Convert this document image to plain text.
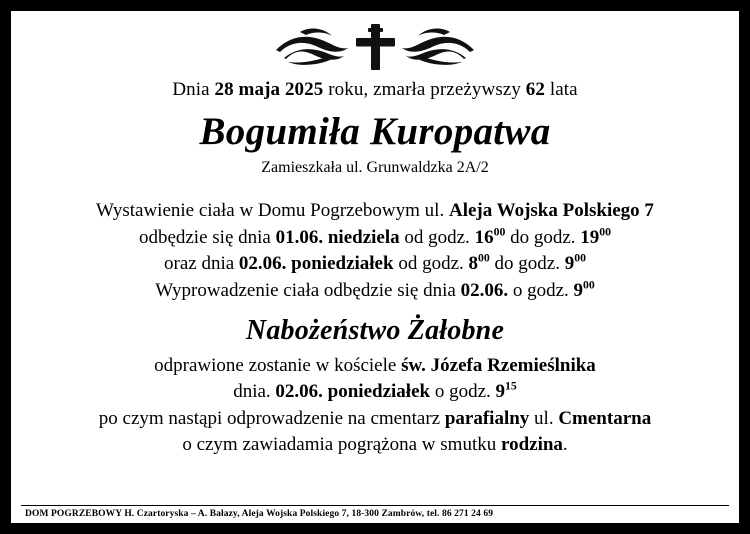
Dnia 28 maja 2025 roku, zmarła przeżywszy 62 lata
Bogumiła Kuropatwa
Zamieszkała ul. Grunwaldzka 2A/2
Wystawienie ciała w Domu Pogrzebowym ul. Aleja Wojska Polskiego 7
odbędzie się dnia 01.06. niedziela od godz. $16^{00}$ do godz. $19^{00}$
oraz dnia 02.06. poniedziałek od godz. $8^{00}$ do godz. $9^{00}$
Wyprowadzenie ciała odbędzie się dnia 02.06. o godz. $9^{00}$
Nabożeństwo Żałobne
odprawione zostanie w kościele św. Józefa Rzemieślnika
dnia. 02.06. poniedziałek o godz. $9^{15}$
po czym nastąpi odprowadzenie na cmentarz parafialny ul. Cmentarna
o czym zawiadamia pogrążona w smutku rodzina.
DOM POGRZEBOWY H. Czartoryska – A. Bałazy, Aleja Wojska Polskiego 7, 18-300 Zambrów, tel. 86 271 24 69
